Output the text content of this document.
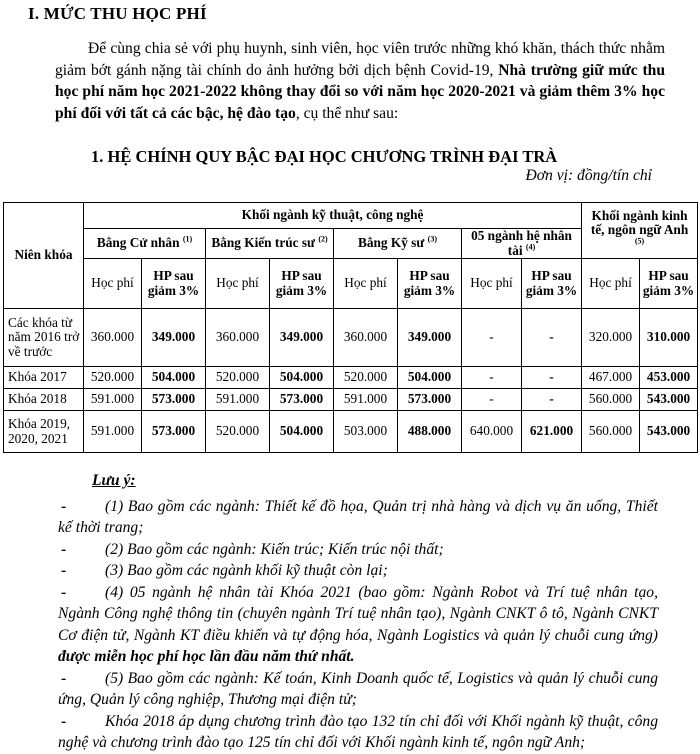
I. MỨC THU HỌC PHÍ
Để cùng chia sẻ với phụ huynh, sinh viên, học viên trước những khó khăn, thách thức nhằm giảm bớt gánh nặng tài chính do ảnh hưởng bởi dịch bệnh Covid-19, Nhà trường giữ mức thu học phí năm học 2021-2022 không thay đổi so với năm học 2020-2021 và giảm thêm 3% học phí đối với tất cả các bậc, hệ đào tạo, cụ thể như sau:
1. HỆ CHÍNH QUY BẬC ĐẠI HỌC CHƯƠNG TRÌNH ĐẠI TRÀ
Đơn vị: đồng/tín chỉ
Niên khóa	Khối ngành kỹ thuật, công nghệ								Khối ngành kinh tế, ngôn ngữ Anh
$^{(5)}$
	Bằng Cử nhân $^{(1)}$		Bằng Kiến trúc sư $^{(2)}$		Bằng Kỹ sư $^{(3)}$		05 ngành hệ nhân tài $^{(4)}$
	Học phí	HP sau giảm 3%	Học phí	HP sau giảm 3%	Học phí	HP sau giảm 3%	Học phí	HP sau giảm 3%	Học phí	HP sau giảm 3%
Các khóa từ năm 2016 trở về trước	360.000	349.000	360.000	349.000	360.000	349.000	-	-	320.000	310.000
Khóa 2017	520.000	504.000	520.000	504.000	520.000	504.000	-	-	467.000	453.000
Khóa 2018	591.000	573.000	591.000	573.000	591.000	573.000	-	-	560.000	543.000
Khóa 2019, 2020, 2021	591.000	573.000	520.000	504.000	503.000	488.000	640.000	621.000	560.000	543.000
Lưu ý:

- (1) Bao gồm các ngành: Thiết kế đồ họa, Quản trị nhà hàng và dịch vụ ăn uống, Thiết kế thời trang;

- (2) Bao gồm các ngành: Kiến trúc; Kiến trúc nội thất;

- (3) Bao gồm các ngành khối kỹ thuật còn lại;

- (4) 05 ngành hệ nhân tài Khóa 2021 (bao gồm: Ngành Robot và Trí tuệ nhân tạo, Ngành Công nghệ thông tin (chuyên ngành Trí tuệ nhân tạo), Ngành CNKT ô tô, Ngành CNKT Cơ điện tử, Ngành KT điều khiển và tự động hóa, Ngành Logistics và quản lý chuỗi cung ứng) được miễn học phí học lần đầu năm thứ nhất.

- (5) Bao gồm các ngành: Kế toán, Kinh Doanh quốc tế, Logistics và quản lý chuỗi cung ứng, Quản lý công nghiệp, Thương mại điện tử;

- Khóa 2018 áp dụng chương trình đào tạo 132 tín chỉ đối với Khối ngành kỹ thuật, công nghệ và chương trình đào tạo 125 tín chỉ đối với Khối ngành kinh tế, ngôn ngữ Anh;
